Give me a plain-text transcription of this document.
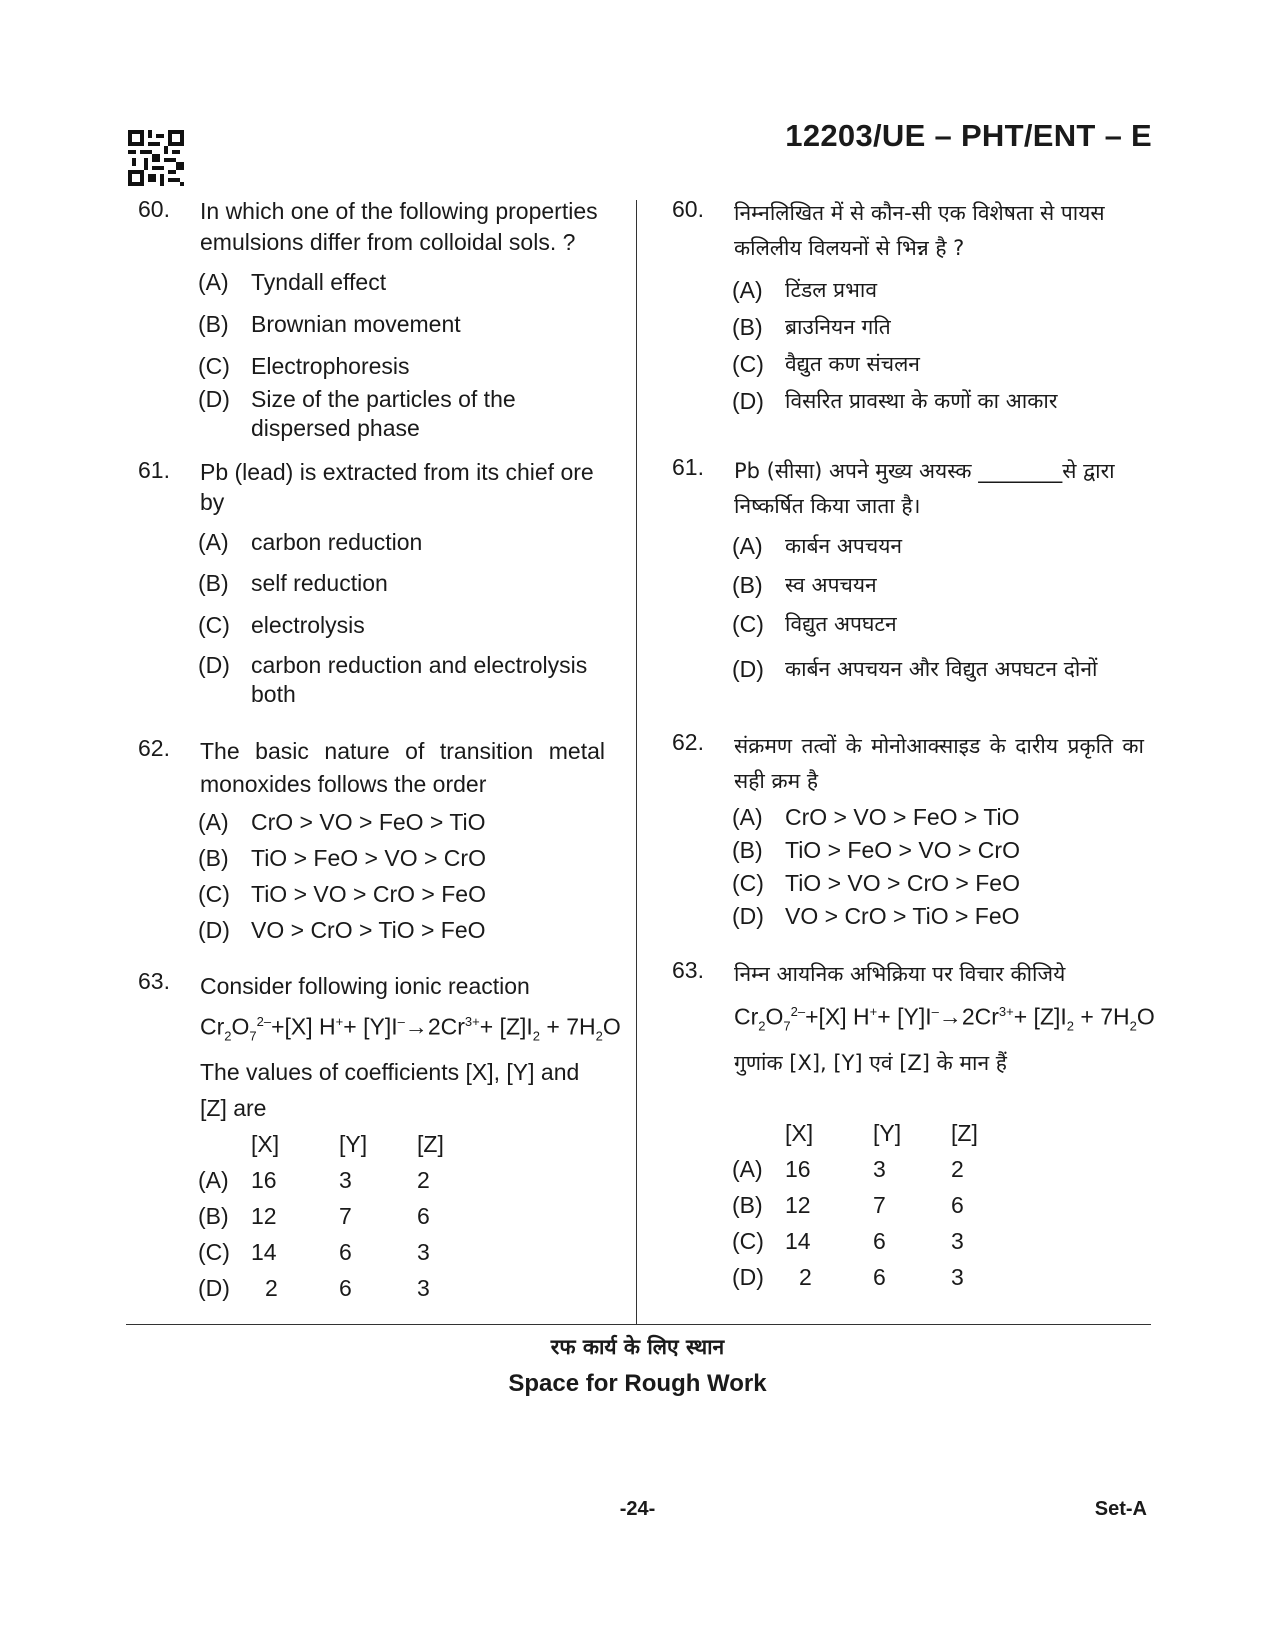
12203/UE – PHT/ENT – E
60. In which one of the following properties emulsions differ from colloidal sols. ?
(A) Tyndall effect
(B) Brownian movement
(C) Electrophoresis
(D) Size of the particles of the dispersed phase
61. Pb (lead) is extracted from its chief ore by
(A) carbon reduction
(B) self reduction
(C) electrolysis
(D) carbon reduction and electrolysis both
62. The basic nature of transition metal monoxides follows the order
(A) CrO > VO > FeO > TiO
(B) TiO > FeO > VO > CrO
(C) TiO > VO > CrO > FeO
(D) VO > CrO > TiO > FeO
63. Consider following ionic reaction
$Cr_2O_7^{2-}+[X]$ $H^++ [Y]I^-\to 2Cr^{3+}+ [Z]I_2 + 7H_2O$
The values of coefficients [X], [Y] and [Z] are
	[X]	[Y]	[Z]
(A)	16	3	2
(B)	12	7	6
(C)	14	6	3
(D)	2	6	3
60. निम्नलिखित में से कौन-सी एक विशेषता से पायस कलिलीय विलयनों से भिन्न है ?
(A) टिंडल प्रभाव
(B) ब्राउनियन गति
(C) वैद्युत कण संचलन
(D) विसरित प्रावस्था के कणों का आकार
61. Pb (सीसा) अपने मुख्य अयस्क ________से द्वारा निष्कर्षित किया जाता है।
(A) कार्बन अपचयन
(B) स्व अपचयन
(C) विद्युत अपघटन
(D) कार्बन अपचयन और विद्युत अपघटन दोनों
62. संक्रमण तत्वों के मोनोआक्साइड के दारीय प्रकृति का सही क्रम है
(A) CrO > VO > FeO > TiO
(B) TiO > FeO > VO > CrO
(C) TiO > VO > CrO > FeO
(D) VO > CrO > TiO > FeO
63. निम्न आयनिक अभिक्रिया पर विचार कीजिये
$Cr_2O_7^{2-}+[X]$ $H^++ [Y]I^-\to 2Cr^{3+}+ [Z]I_2 + 7H_2O$
गुणांक [X], [Y] एवं [Z] के मान हैं
	[X]	[Y]	[Z]
(A)	16	3	2
(B)	12	7	6
(C)	14	6	3
(D)	2	6	3
रफ कार्य के लिए स्थान
Space for Rough Work
-24-	Set-A
